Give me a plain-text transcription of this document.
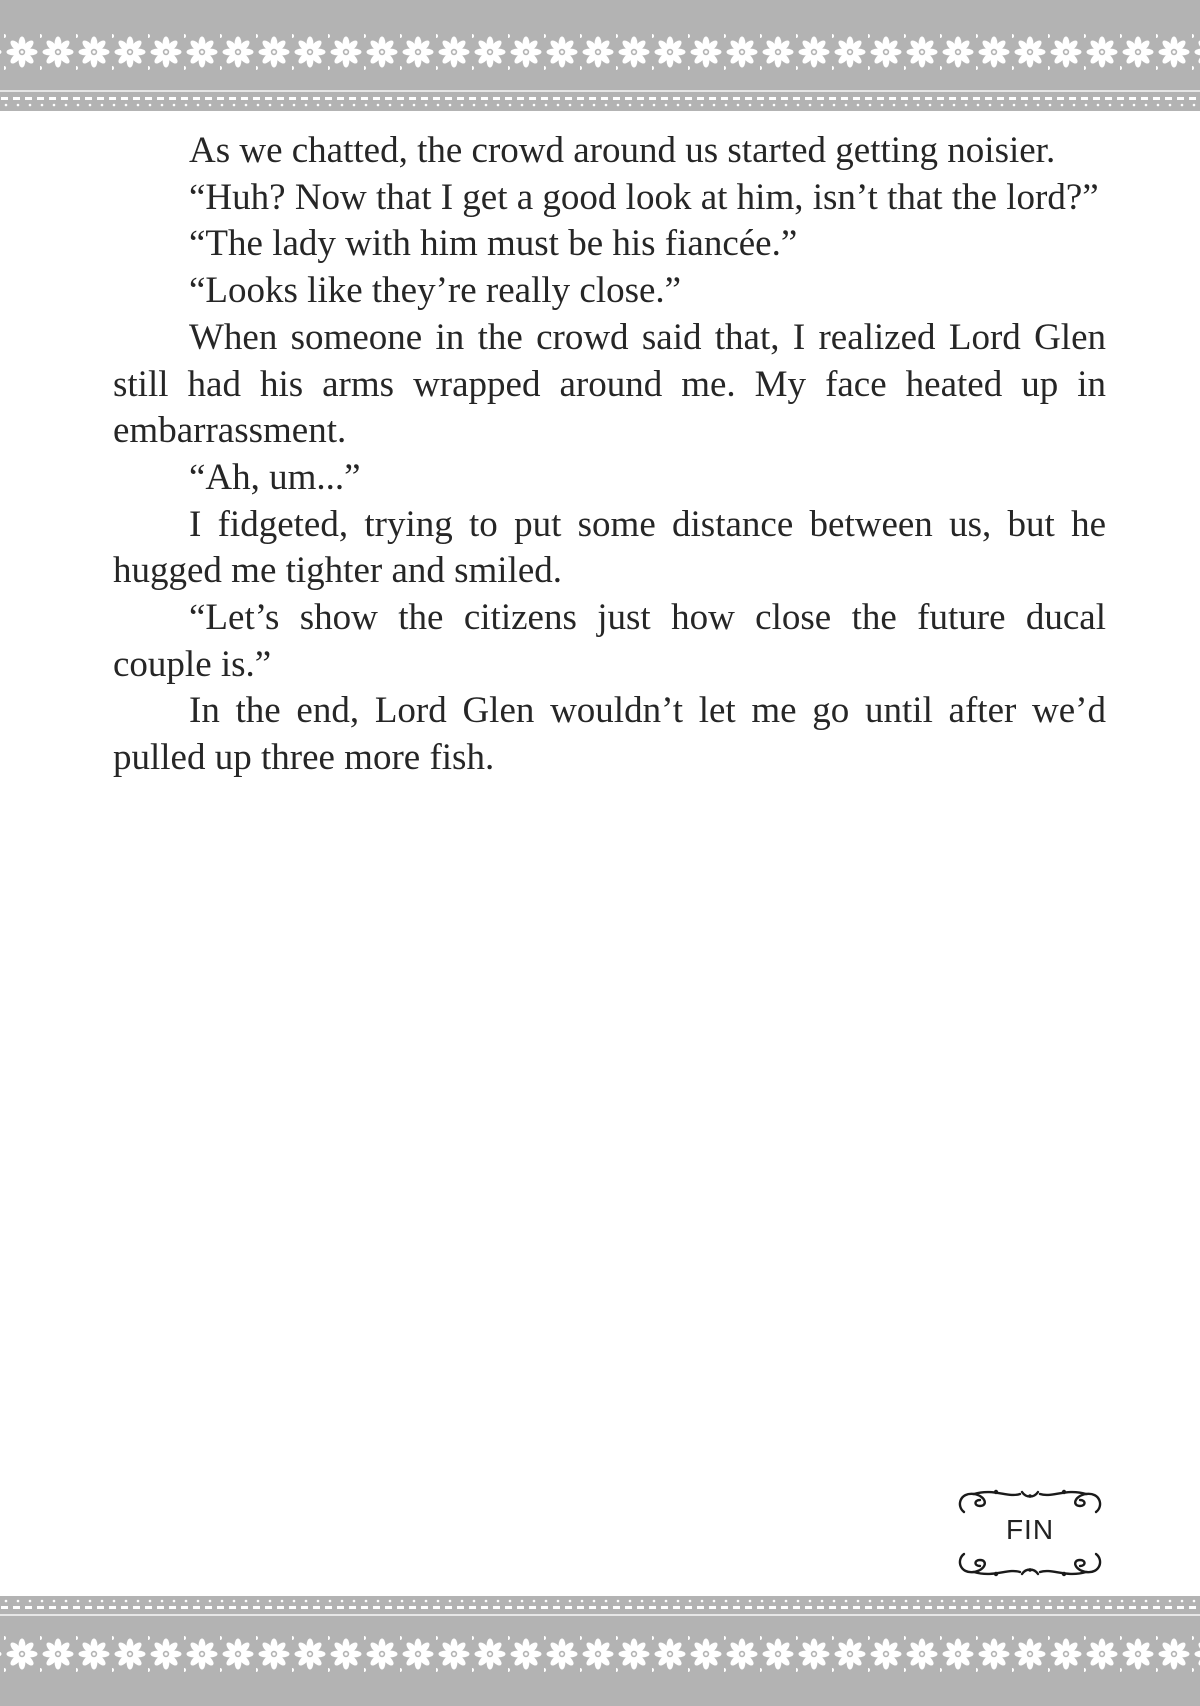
As we chatted, the crowd around us started getting noisier.

“Huh? Now that I get a good look at him, isn’t that the lord?”

“The lady with him must be his fiancée.”

“Looks like they’re really close.”

When someone in the crowd said that, I realized Lord Glen still had his arms wrapped around me. My face heated up in embarrassment.

“Ah, um...”

I fidgeted, trying to put some distance between us, but he hugged me tighter and smiled.

“Let’s show the citizens just how close the future ducal couple is.”

In the end, Lord Glen wouldn’t let me go until after we’d pulled up three more fish.

FIN
